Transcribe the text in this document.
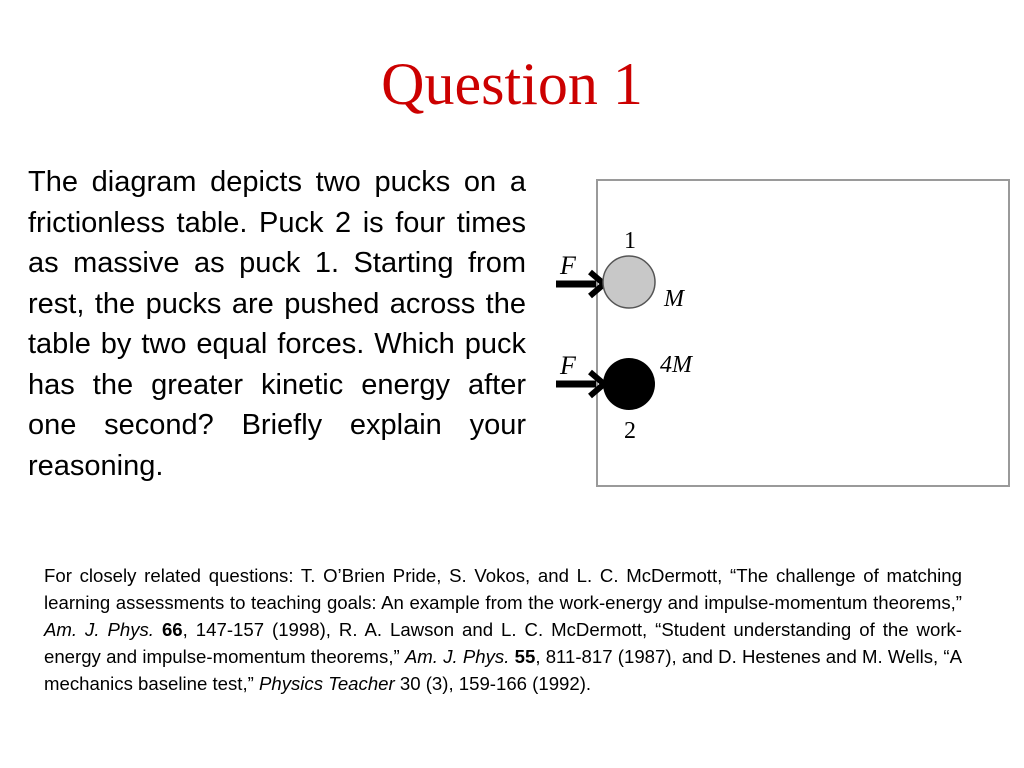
Question 1
The diagram depicts two pucks on a frictionless table. Puck 2 is four times as massive as puck 1. Starting from rest, the pucks are pushed across the table by two equal forces. Which puck has the greater kinetic energy after one second? Briefly explain your reasoning.
1
F
M
F	4M
2
For closely related questions: T. O’Brien Pride, S. Vokos, and L. C. McDermott, “The challenge of matching learning assessments to teaching goals: An example from the work-energy and impulse-momentum theorems,” Am. J. Phys. 66, 147-157 (1998), R. A. Lawson and L. C. McDermott, “Student understanding of the work-energy and impulse-momentum theorems,” Am. J. Phys. 55, 811-817 (1987), and D. Hestenes and M. Wells, “A mechanics baseline test,” Physics Teacher 30 (3), 159-166 (1992).
